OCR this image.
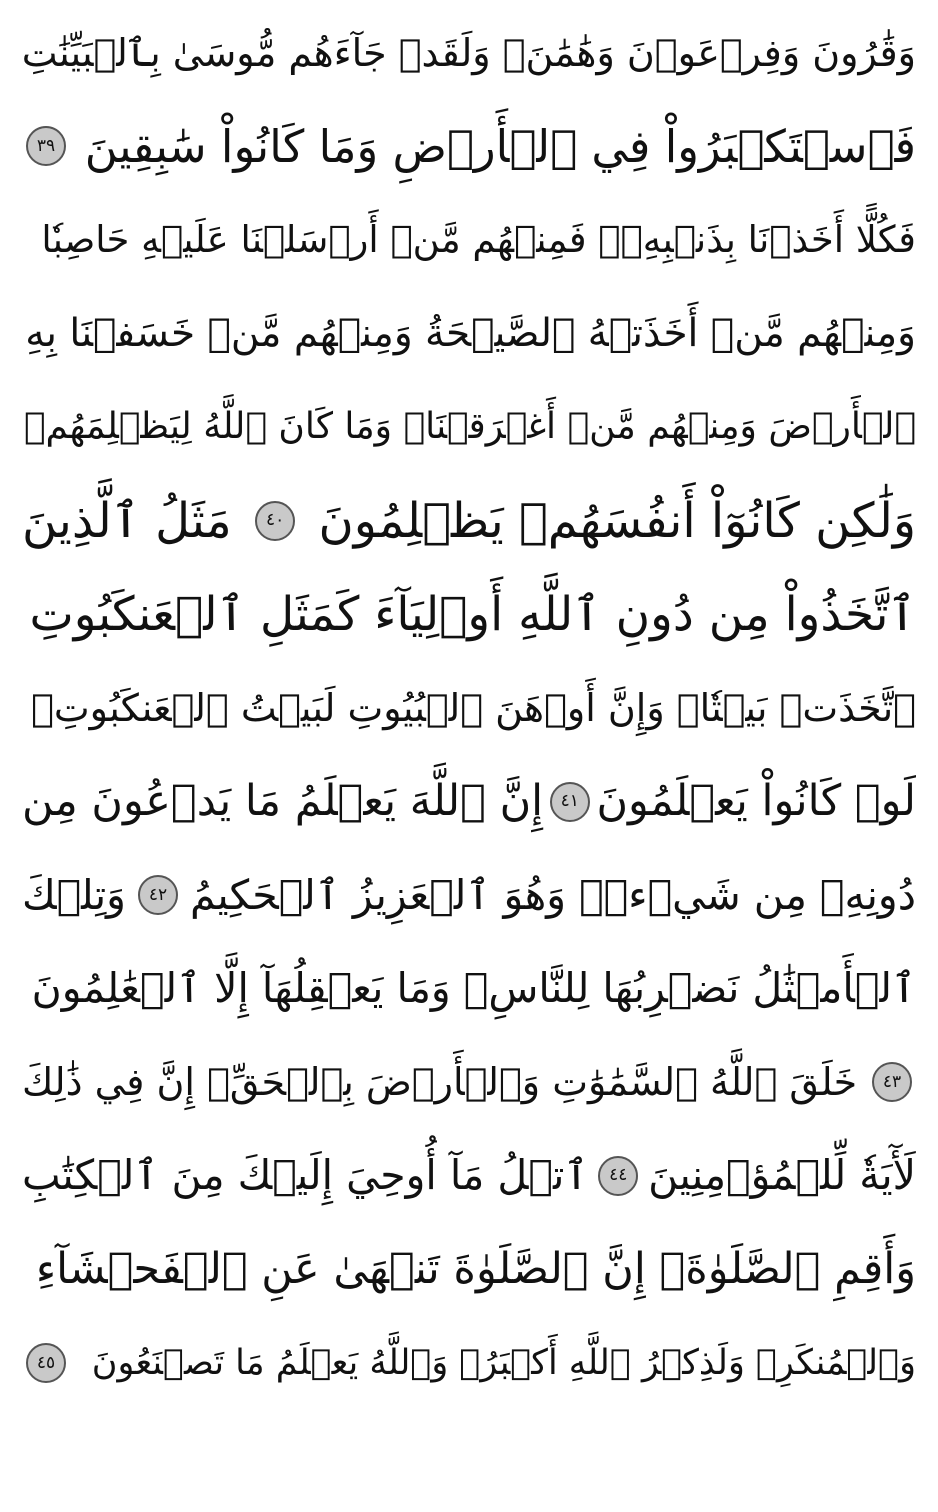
وَقَٰرُونَ وَفِرۡعَوۡنَ وَهَٰمَٰنَۖ وَلَقَدۡ جَآءَهُم مُّوسَىٰ بِٱلۡبَيِّنَٰتِ
فَٱسۡتَكۡبَرُواْ فِي ٱلۡأَرۡضِ وَمَا كَانُواْ سَٰبِقِينَ
٣٩
فَكُلًّا أَخَذۡنَا بِذَنۢبِهِۦۖ فَمِنۡهُم مَّنۡ أَرۡسَلۡنَا عَلَيۡهِ حَاصِبٗا
وَمِنۡهُم مَّنۡ أَخَذَتۡهُ ٱلصَّيۡحَةُ وَمِنۡهُم مَّنۡ خَسَفۡنَا بِهِ
ٱلۡأَرۡضَ وَمِنۡهُم مَّنۡ أَغۡرَقۡنَاۚ وَمَا كَانَ ٱللَّهُ لِيَظۡلِمَهُمۡ
وَلَٰكِن كَانُوٓاْ أَنفُسَهُمۡ يَظۡلِمُونَ
٤٠
مَثَلُ ٱلَّذِينَ
ٱتَّخَذُواْ مِن دُونِ ٱللَّهِ أَوۡلِيَآءَ كَمَثَلِ ٱلۡعَنكَبُوتِ
ٱتَّخَذَتۡ بَيۡتٗاۖ وَإِنَّ أَوۡهَنَ ٱلۡبُيُوتِ لَبَيۡتُ ٱلۡعَنكَبُوتِۚ
لَوۡ كَانُواْ يَعۡلَمُونَ
٤١
إِنَّ ٱللَّهَ يَعۡلَمُ مَا يَدۡعُونَ مِن
دُونِهِۦ مِن شَيۡءٖۚ وَهُوَ ٱلۡعَزِيزُ ٱلۡحَكِيمُ
٤٢
وَتِلۡكَ
ٱلۡأَمۡثَٰلُ نَضۡرِبُهَا لِلنَّاسِۖ وَمَا يَعۡقِلُهَآ إِلَّا ٱلۡعَٰلِمُونَ
٤٣
خَلَقَ ٱللَّهُ ٱلسَّمَٰوَٰتِ وَٱلۡأَرۡضَ بِٱلۡحَقِّۚ إِنَّ فِي ذَٰلِكَ
لَأٓيَةٗ لِّلۡمُؤۡمِنِينَ
٤٤
ٱتۡلُ مَآ أُوحِيَ إِلَيۡكَ مِنَ ٱلۡكِتَٰبِ
وَأَقِمِ ٱلصَّلَوٰةَۖ إِنَّ ٱلصَّلَوٰةَ تَنۡهَىٰ عَنِ ٱلۡفَحۡشَآءِ
وَٱلۡمُنكَرِۗ وَلَذِكۡرُ ٱللَّهِ أَكۡبَرُۗ وَٱللَّهُ يَعۡلَمُ مَا تَصۡنَعُونَ
٤٥
